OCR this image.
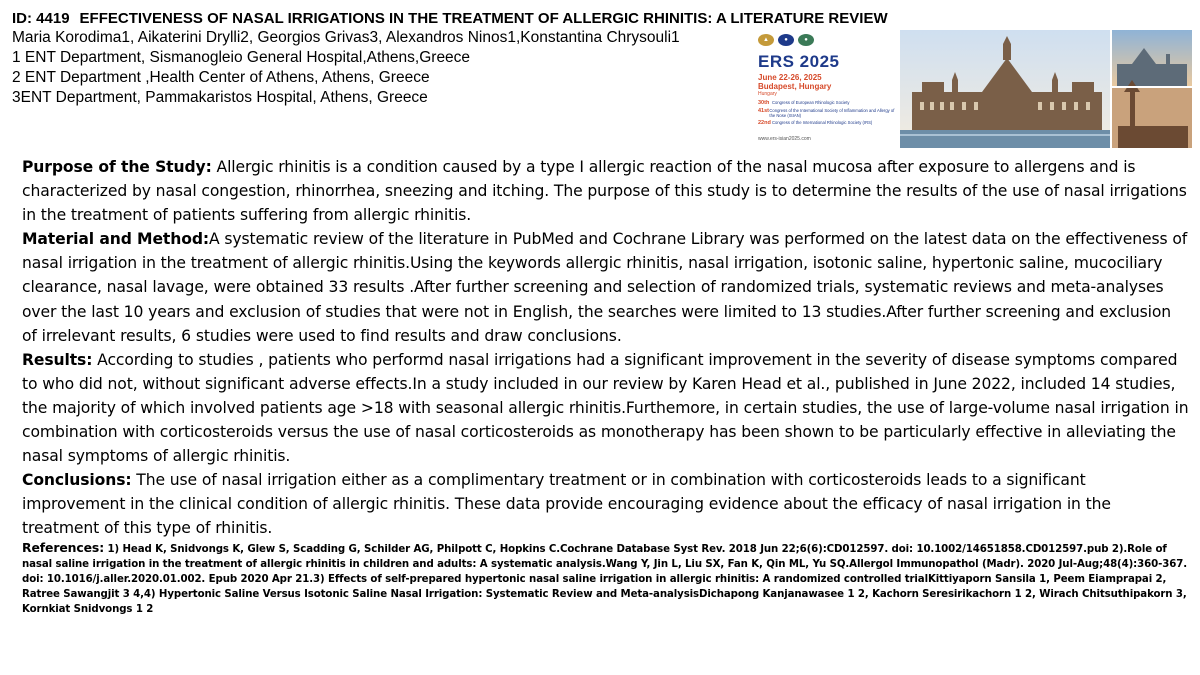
ID: 4419 EFFECTIVENESS OF NASAL IRRIGATIONS IN THE TREATMENT OF ALLERGIC RHINITIS: A LITERATURE REVIEW
Maria Korodima1, Aikaterini Drylli2, Georgios Grivas3, Alexandros Ninos1,Konstantina Chrysouli1
1 ENT Department, Sismanogleio General Hospital,Athens,Greece
2 ENT Department ,Health Center of Athens, Athens, Greece
3ENT Department, Pammakaristos Hospital, Athens, Greece
▲	●	●
ERS 2025
June 22-26, 2025
Budapest, Hungary
Hungary
30th Congress of European Rhinologic Society
41st Congress of the International Society of Inflammation and Allergy of the Nose (ISIAN)
22nd Congress of the International Rhinologic Society (IRS)
www.ers-isian2025.com

Purpose of the Study: Allergic rhinitis is a condition caused by a type I allergic reaction of the nasal mucosa after exposure to allergens and is characterized by nasal congestion, rhinorrhea, sneezing and itching. The purpose of this study is to determine the results of the use of nasal irrigations in the treatment of patients suffering from allergic rhinitis.

Material and Method:A systematic review of the literature in PubMed and Cochrane Library was performed on the latest data on the effectiveness of nasal irrigation in the treatment of allergic rhinitis.Using the keywords allergic rhinitis, nasal irrigation, isotonic saline, hypertonic saline, mucociliary clearance, nasal lavage, were obtained 33 results .After further screening and selection of randomized trials, systematic reviews and meta-analyses over the last 10 years and exclusion of studies that were not in English, the searches were limited to 13 studies.After further screening and exclusion of irrelevant results, 6 studies were used to find results and draw conclusions.

Results: According to studies , patients who performd nasal irrigations had a significant improvement in the severity of disease symptoms compared to who did not, without significant adverse effects.In a study included in our review by Karen Head et al., published in June 2022, included 14 studies, the majority of which involved patients age >18 with seasonal allergic rhinitis.Furthemore, in certain studies, the use of large-volume nasal irrigation in combination with corticosteroids versus the use of nasal corticosteroids as monotherapy has been shown to be particularly effective in alleviating the nasal symptoms of allergic rhinitis.

Conclusions: The use of nasal irrigation either as a complimentary treatment or in combination with corticosteroids leads to a significant improvement in the clinical condition of allergic rhinitis. These data provide encouraging evidence about the efficacy of nasal irrigation in the treatment of this type of rhinitis.

References: 1) Head K, Snidvongs K, Glew S, Scadding G, Schilder AG, Philpott C, Hopkins C.Cochrane Database Syst Rev. 2018 Jun 22;6(6):CD012597. doi: 10.1002/14651858.CD012597.pub 2).Role of nasal saline irrigation in the treatment of allergic rhinitis in children and adults: A systematic analysis.Wang Y, Jin L, Liu SX, Fan K, Qin ML, Yu SQ.Allergol Immunopathol (Madr). 2020 Jul-Aug;48(4):360-367. doi: 10.1016/j.aller.2020.01.002. Epub 2020 Apr 21.3) Effects of self-prepared hypertonic nasal saline irrigation in allergic rhinitis: A randomized controlled trialKittiyaporn Sansila 1, Peem Eiamprapai 2, Ratree Sawangjit 3 4,4) Hypertonic Saline Versus Isotonic Saline Nasal Irrigation: Systematic Review and Meta-analysisDichapong Kanjanawasee 1 2, Kachorn Seresirikachorn 1 2, Wirach Chitsuthipakorn 3, Kornkiat Snidvongs 1 2
